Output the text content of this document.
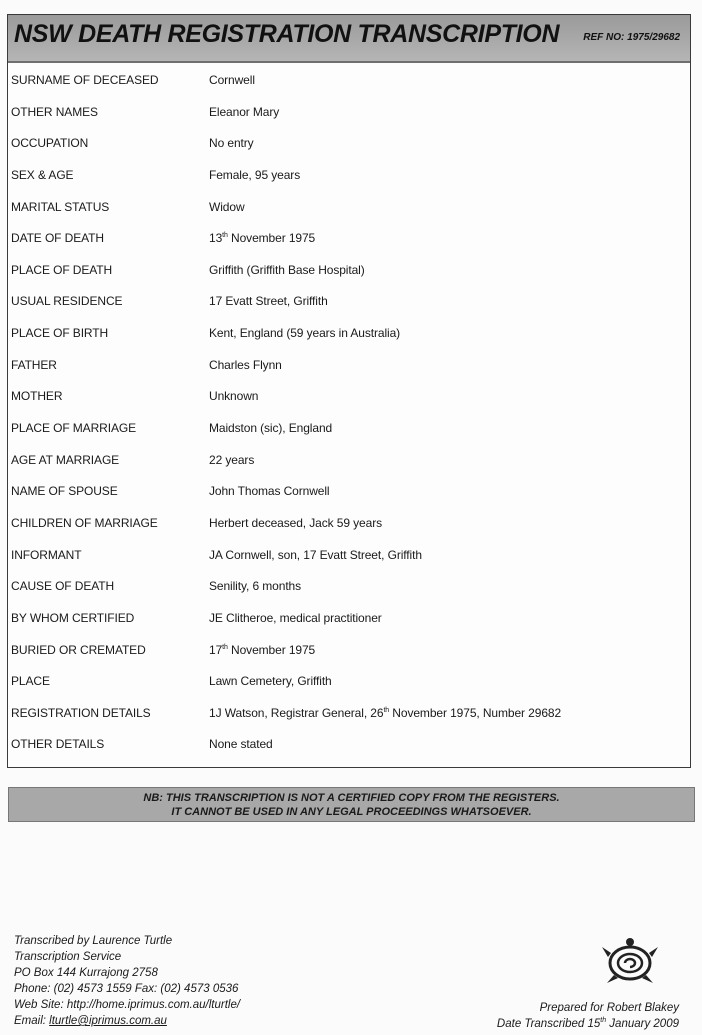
NSW DEATH REGISTRATION TRANSCRIPTION REF NO: 1975/29682
SURNAME OF DECEASED	Cornwell
OTHER NAMES	Eleanor Mary
OCCUPATION	No entry
SEX & AGE	Female, 95 years
MARITAL STATUS	Widow
DATE OF DEATH	13th November 1975
PLACE OF DEATH	Griffith (Griffith Base Hospital)
USUAL RESIDENCE	17 Evatt Street, Griffith
PLACE OF BIRTH	Kent, England (59 years in Australia)
FATHER	Charles Flynn
MOTHER	Unknown
PLACE OF MARRIAGE	Maidston (sic), England
AGE AT MARRIAGE	22 years
NAME OF SPOUSE	John Thomas Cornwell
CHILDREN OF MARRIAGE	Herbert deceased, Jack 59 years
INFORMANT	JA Cornwell, son, 17 Evatt Street, Griffith
CAUSE OF DEATH	Senility, 6 months
BY WHOM CERTIFIED	JE Clitheroe, medical practitioner
BURIED OR CREMATED	17th November 1975
PLACE	Lawn Cemetery, Griffith
REGISTRATION DETAILS	1J Watson, Registrar General, 26th November 1975, Number 29682
OTHER DETAILS	None stated
NB: THIS TRANSCRIPTION IS NOT A CERTIFIED COPY FROM THE REGISTERS.
IT CANNOT BE USED IN ANY LEGAL PROCEEDINGS WHATSOEVER.
Transcribed by Laurence Turtle
Transcription Service
PO Box 144 Kurrajong 2758
Phone: (02) 4573 1559 Fax: (02) 4573 0536
Web Site: http://home.iprimus.com.au/lturtle/
Email: lturtle@iprimus.com.au
Prepared for Robert Blakey
Date Transcribed 15th January 2009
